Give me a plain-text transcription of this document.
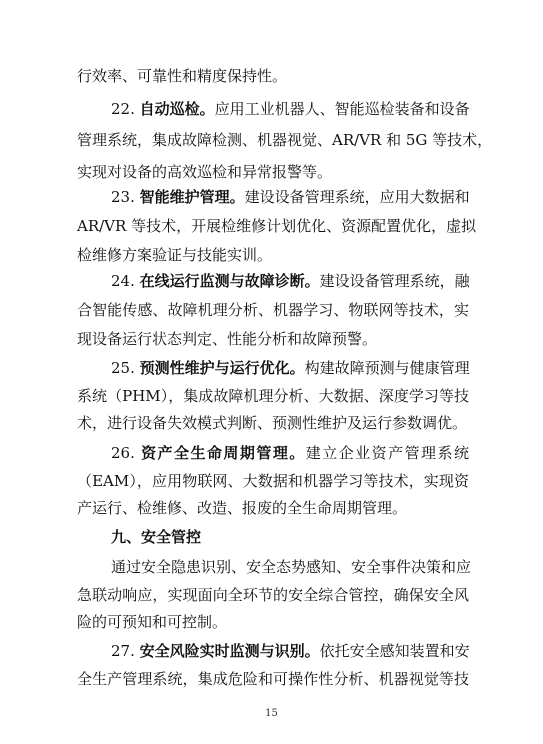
行效率、可靠性和精度保持性。
22. 自动巡检。应用工业机器人、智能巡检装备和设备
管理系统，集成故障检测、机器视觉、AR/VR 和 5G 等技术，
实现对设备的高效巡检和异常报警等。
23. 智能维护管理。建设设备管理系统，应用大数据和
AR/VR 等技术，开展检维修计划优化、资源配置优化，虚拟
检维修方案验证与技能实训。
24. 在线运行监测与故障诊断。建设设备管理系统，融
合智能传感、故障机理分析、机器学习、物联网等技术，实
现设备运行状态判定、性能分析和故障预警。
25. 预测性维护与运行优化。构建故障预测与健康管理
系统（PHM），集成故障机理分析、大数据、深度学习等技
术，进行设备失效模式判断、预测性维护及运行参数调优。
26. 资产全生命周期管理。建立企业资产管理系统
（EAM），应用物联网、大数据和机器学习等技术，实现资
产运行、检维修、改造、报废的全生命周期管理。
九、安全管控
通过安全隐患识别、安全态势感知、安全事件决策和应
急联动响应，实现面向全环节的安全综合管控，确保安全风
险的可预知和可控制。
27. 安全风险实时监测与识别。依托安全感知装置和安
全生产管理系统，集成危险和可操作性分析、机器视觉等技
15
